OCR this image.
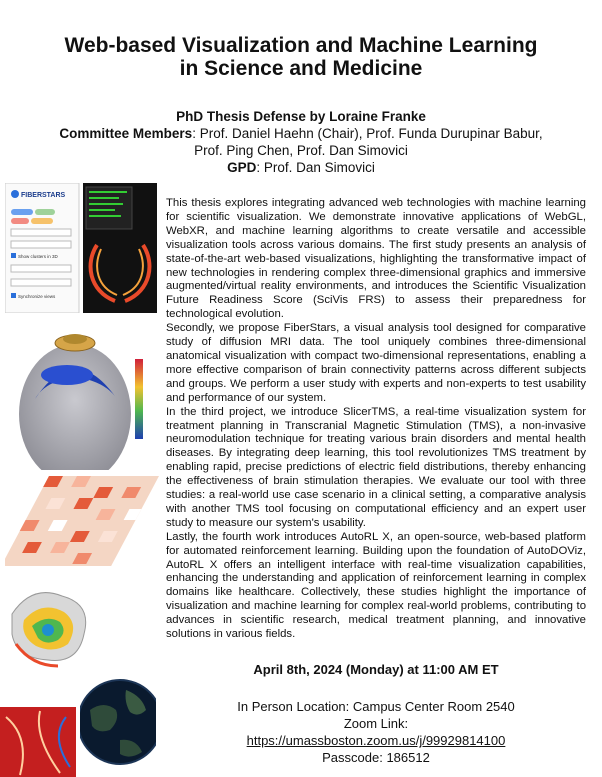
Web-based Visualization and Machine Learning
in Science and Medicine
PhD Thesis Defense by Loraine Franke
Committee Members: Prof. Daniel Haehn (Chair), Prof. Funda Durupinar Babur,
Prof. Ping Chen, Prof. Dan Simovici
GPD: Prof. Dan Simovici
FIBERSTARS
Show clusters in 3D
Synchronize views
L

This thesis explores integrating advanced web technologies with machine learning for scientific visualization. We demonstrate innovative applications of WebGL, WebXR, and machine learning algorithms to create versatile and accessible visualization tools across various domains. The first study presents an analysis of state-of-the-art web-based visualizations, highlighting the transformative impact of new technologies in rendering complex three-dimensional graphics and immersive augmented/virtual reality environments, and introduces the Scientific Visualization Future Readiness Score (SciVis FRS) to assess their preparedness for technological evolution.

Secondly, we propose FiberStars, a visual analysis tool designed for comparative study of diffusion MRI data. The tool uniquely combines three-dimensional anatomical visualization with compact two-dimensional representations, enabling a more effective comparison of brain connectivity patterns across different subjects and groups. We perform a user study with experts and non-experts to test usability and performance of our system.

In the third project, we introduce SlicerTMS, a real-time visualization system for treatment planning in Transcranial Magnetic Stimulation (TMS), a non-invasive neuromodulation technique for treating various brain disorders and mental health diseases. By integrating deep learning, this tool revolutionizes TMS treatment by enabling rapid, precise predictions of electric field distributions, thereby enhancing the effectiveness of brain stimulation therapies. We evaluate our tool with three studies: a real-world use case scenario in a clinical setting, a comparative analysis with another TMS tool focusing on computational efficiency and an expert user study to measure our system's usability.

Lastly, the fourth work introduces AutoRL X, an open-source, web-based platform for automated reinforcement learning. Building upon the foundation of AutoDOViz, AutoRL X offers an intelligent interface with real-time visualization capabilities, enhancing the understanding and application of reinforcement learning in complex domains like healthcare. Collectively, these studies highlight the importance of visualization and machine learning for complex real-world problems, contributing to advances in scientific research, medical treatment planning, and innovative solutions in various fields.

April 8th, 2024 (Monday) at 11:00 AM ET
In Person Location: Campus Center Room 2540
Zoom Link:
https://umassboston.zoom.us/j/99929814100
Passcode: 186512
